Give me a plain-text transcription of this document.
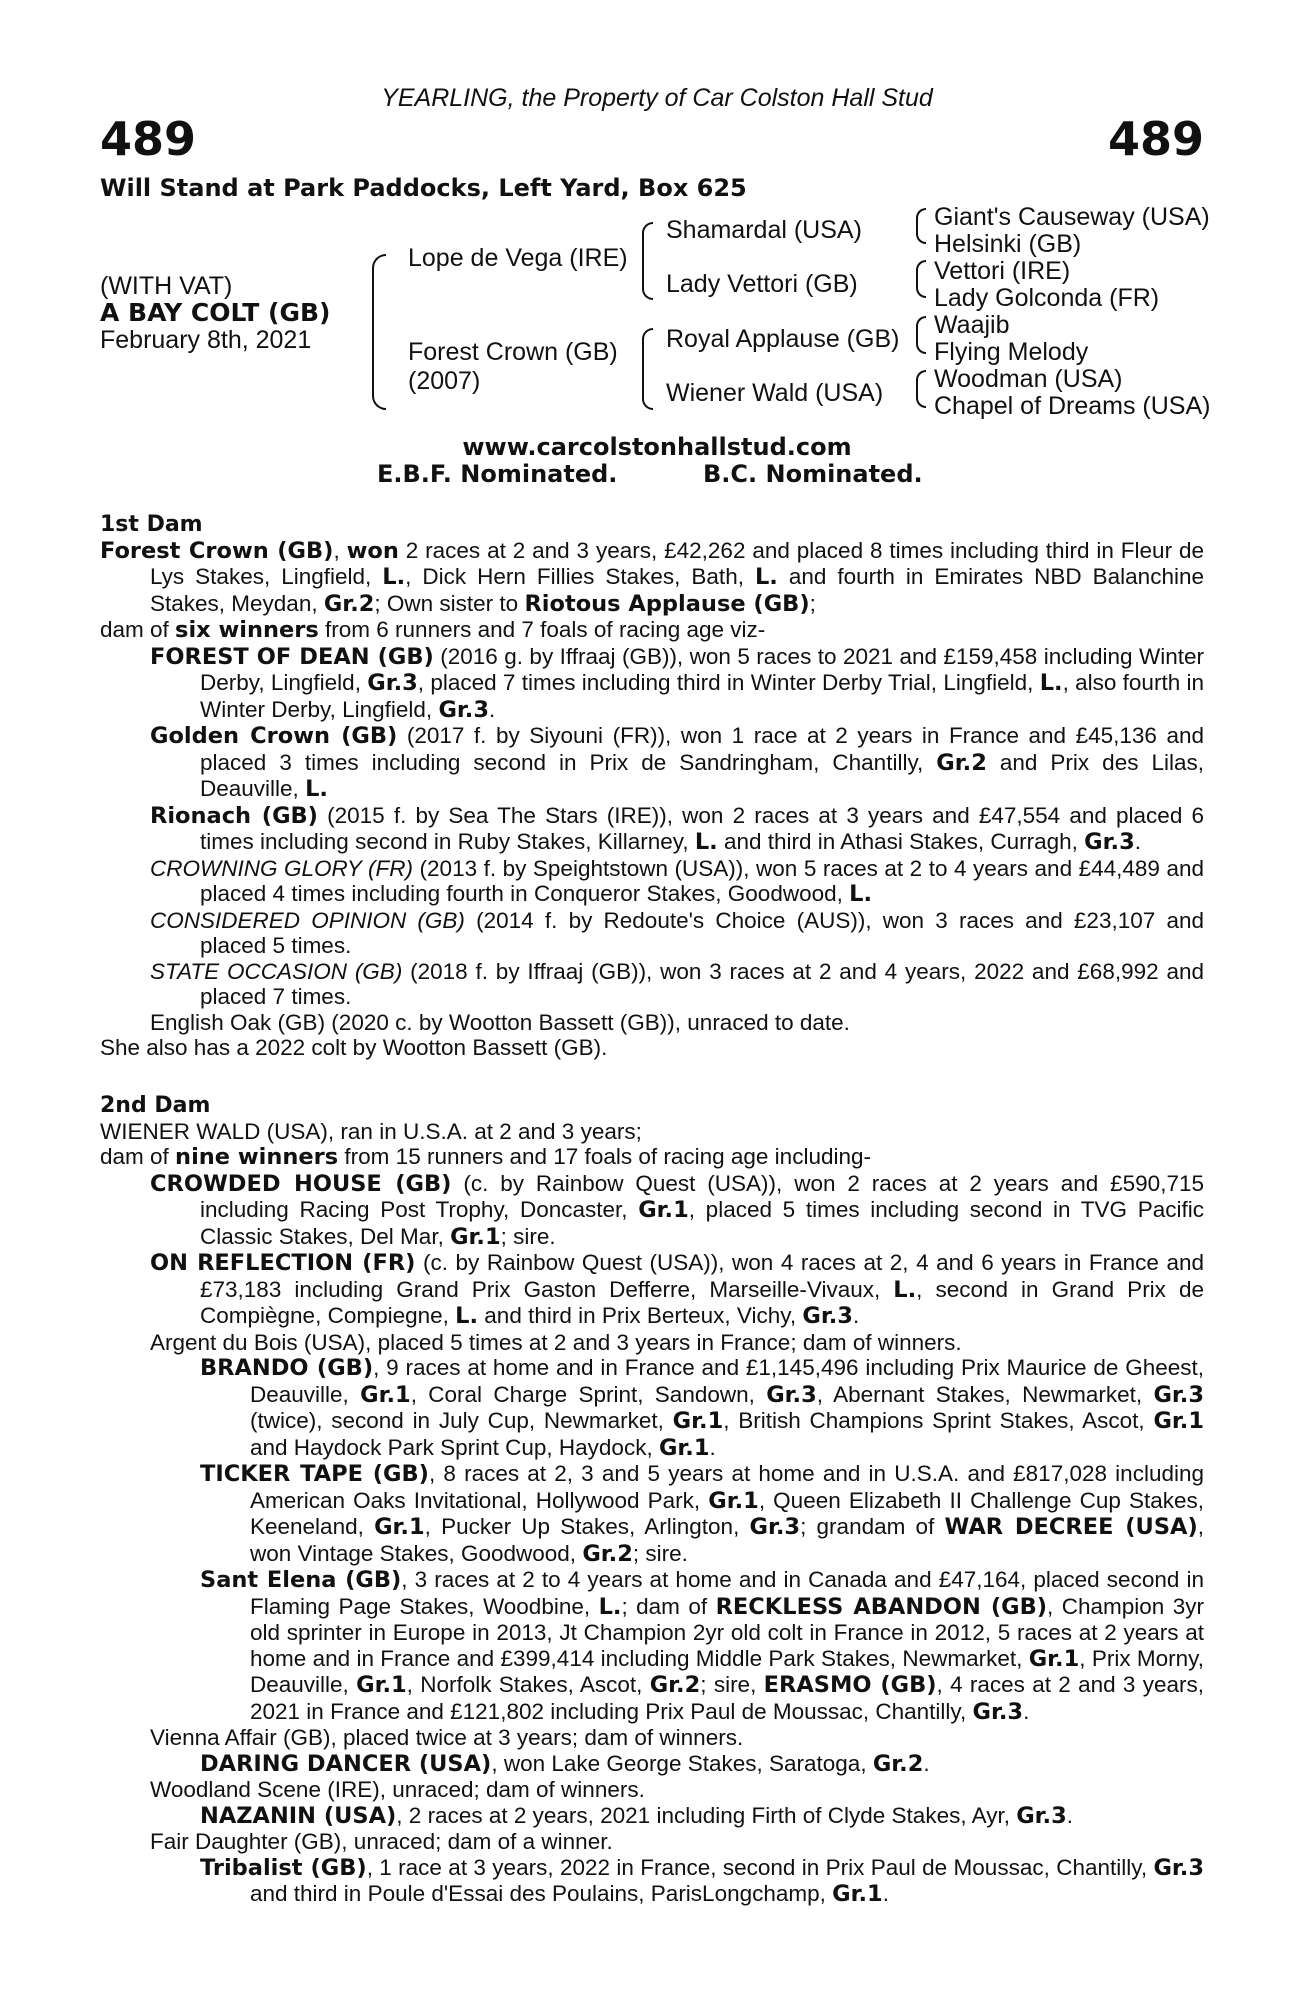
YEARLING, the Property of Car Colston Hall Stud
489	489
Will Stand at Park Paddocks, Left Yard, Box 625
(WITH VAT)
A BAY COLT (GB)
February 8th, 2021
Lope de Vega (IRE)
Forest Crown (GB)
(2007)
Shamardal (USA)
Lady Vettori (GB)
Royal Applause (GB)
Wiener Wald (USA)
Giant's Causeway (USA)
Helsinki (GB)
Vettori (IRE)
Lady Golconda (FR)
Waajib
Flying Melody
Woodman (USA)
Chapel of Dreams (USA)
www.carcolstonhallstud.com
E.B.F. Nominated.	B.C. Nominated.

1st Dam

Forest Crown (GB), won 2 races at 2 and 3 years, £42,262 and placed 8 times including third in Fleur de Lys Stakes, Lingfield, L., Dick Hern Fillies Stakes, Bath, L. and fourth in Emirates NBD Balanchine Stakes, Meydan, Gr.2; Own sister to Riotous Applause (GB);

dam of six winners from 6 runners and 7 foals of racing age viz-

FOREST OF DEAN (GB) (2016 g. by Iffraaj (GB)), won 5 races to 2021 and £159,458 including Winter Derby, Lingfield, Gr.3, placed 7 times including third in Winter Derby Trial, Lingfield, L., also fourth in Winter Derby, Lingfield, Gr.3.

Golden Crown (GB) (2017 f. by Siyouni (FR)), won 1 race at 2 years in France and £45,136 and placed 3 times including second in Prix de Sandringham, Chantilly, Gr.2 and Prix des Lilas, Deauville, L.

Rionach (GB) (2015 f. by Sea The Stars (IRE)), won 2 races at 3 years and £47,554 and placed 6 times including second in Ruby Stakes, Killarney, L. and third in Athasi Stakes, Curragh, Gr.3.

CROWNING GLORY (FR) (2013 f. by Speightstown (USA)), won 5 races at 2 to 4 years and £44,489 and placed 4 times including fourth in Conqueror Stakes, Goodwood, L.

CONSIDERED OPINION (GB) (2014 f. by Redoute's Choice (AUS)), won 3 races and £23,107 and placed 5 times.

STATE OCCASION (GB) (2018 f. by Iffraaj (GB)), won 3 races at 2 and 4 years, 2022 and £68,992 and placed 7 times.

English Oak (GB) (2020 c. by Wootton Bassett (GB)), unraced to date.

She also has a 2022 colt by Wootton Bassett (GB).

2nd Dam

WIENER WALD (USA), ran in U.S.A. at 2 and 3 years;

dam of nine winners from 15 runners and 17 foals of racing age including-

CROWDED HOUSE (GB) (c. by Rainbow Quest (USA)), won 2 races at 2 years and £590,715 including Racing Post Trophy, Doncaster, Gr.1, placed 5 times including second in TVG Pacific Classic Stakes, Del Mar, Gr.1; sire.

ON REFLECTION (FR) (c. by Rainbow Quest (USA)), won 4 races at 2, 4 and 6 years in France and £73,183 including Grand Prix Gaston Defferre, Marseille-Vivaux, L., second in Grand Prix de Compiègne, Compiegne, L. and third in Prix Berteux, Vichy, Gr.3.

Argent du Bois (USA), placed 5 times at 2 and 3 years in France; dam of winners.

BRANDO (GB), 9 races at home and in France and £1,145,496 including Prix Maurice de Gheest, Deauville, Gr.1, Coral Charge Sprint, Sandown, Gr.3, Abernant Stakes, Newmarket, Gr.3 (twice), second in July Cup, Newmarket, Gr.1, British Champions Sprint Stakes, Ascot, Gr.1 and Haydock Park Sprint Cup, Haydock, Gr.1.

TICKER TAPE (GB), 8 races at 2, 3 and 5 years at home and in U.S.A. and £817,028 including American Oaks Invitational, Hollywood Park, Gr.1, Queen Elizabeth II Challenge Cup Stakes, Keeneland, Gr.1, Pucker Up Stakes, Arlington, Gr.3; grandam of WAR DECREE (USA), won Vintage Stakes, Goodwood, Gr.2; sire.

Sant Elena (GB), 3 races at 2 to 4 years at home and in Canada and £47,164, placed second in Flaming Page Stakes, Woodbine, L.; dam of RECKLESS ABANDON (GB), Champion 3yr old sprinter in Europe in 2013, Jt Champion 2yr old colt in France in 2012, 5 races at 2 years at home and in France and £399,414 including Middle Park Stakes, Newmarket, Gr.1, Prix Morny, Deauville, Gr.1, Norfolk Stakes, Ascot, Gr.2; sire, ERASMO (GB), 4 races at 2 and 3 years, 2021 in France and £121,802 including Prix Paul de Moussac, Chantilly, Gr.3.

Vienna Affair (GB), placed twice at 3 years; dam of winners.

DARING DANCER (USA), won Lake George Stakes, Saratoga, Gr.2.

Woodland Scene (IRE), unraced; dam of winners.

NAZANIN (USA), 2 races at 2 years, 2021 including Firth of Clyde Stakes, Ayr, Gr.3.

Fair Daughter (GB), unraced; dam of a winner.

Tribalist (GB), 1 race at 3 years, 2022 in France, second in Prix Paul de Moussac, Chantilly, Gr.3 and third in Poule d'Essai des Poulains, ParisLongchamp, Gr.1.
